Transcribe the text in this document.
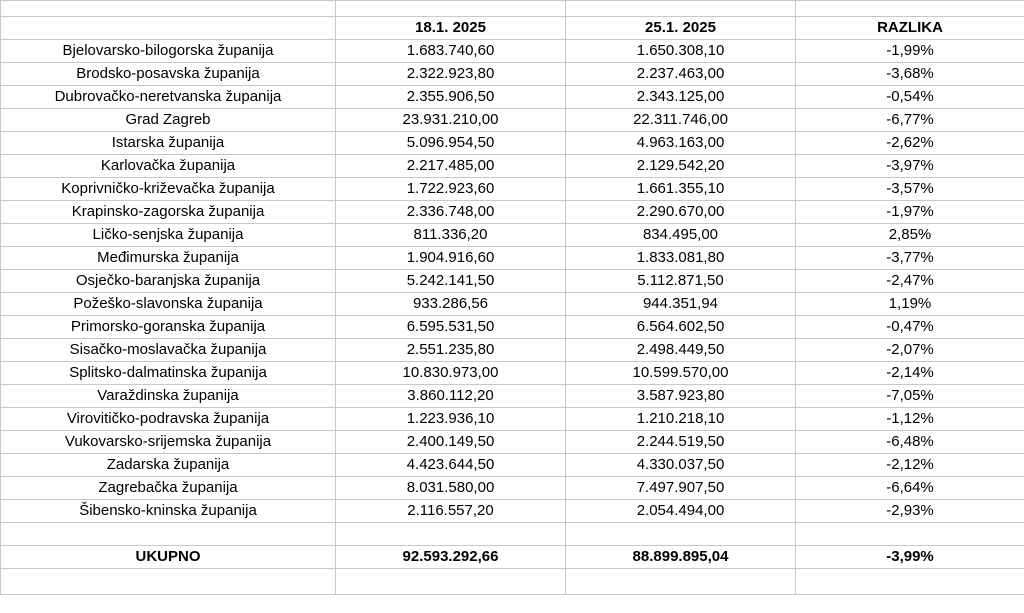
	18.1. 2025	25.1. 2025	RAZLIKA
Bjelovarsko-bilogorska županija	1.683.740,60	1.650.308,10	-1,99%
Brodsko-posavska županija	2.322.923,80	2.237.463,00	-3,68%
Dubrovačko-neretvanska županija	2.355.906,50	2.343.125,00	-0,54%
Grad Zagreb	23.931.210,00	22.311.746,00	-6,77%
Istarska županija	5.096.954,50	4.963.163,00	-2,62%
Karlovačka županija	2.217.485,00	2.129.542,20	-3,97%
Koprivničko-križevačka županija	1.722.923,60	1.661.355,10	-3,57%
Krapinsko-zagorska županija	2.336.748,00	2.290.670,00	-1,97%
Ličko-senjska županija	811.336,20	834.495,00	2,85%
Međimurska županija	1.904.916,60	1.833.081,80	-3,77%
Osječko-baranjska županija	5.242.141,50	5.112.871,50	-2,47%
Požeško-slavonska županija	933.286,56	944.351,94	1,19%
Primorsko-goranska županija	6.595.531,50	6.564.602,50	-0,47%
Sisačko-moslavačka županija	2.551.235,80	2.498.449,50	-2,07%
Splitsko-dalmatinska županija	10.830.973,00	10.599.570,00	-2,14%
Varaždinska županija	3.860.112,20	3.587.923,80	-7,05%
Virovitičko-podravska županija	1.223.936,10	1.210.218,10	-1,12%
Vukovarsko-srijemska županija	2.400.149,50	2.244.519,50	-6,48%
Zadarska županija	4.423.644,50	4.330.037,50	-2,12%
Zagrebačka županija	8.031.580,00	7.497.907,50	-6,64%
Šibensko-kninska županija	2.116.557,20	2.054.494,00	-2,93%

UKUPNO	92.593.292,66	88.899.895,04	-3,99%
